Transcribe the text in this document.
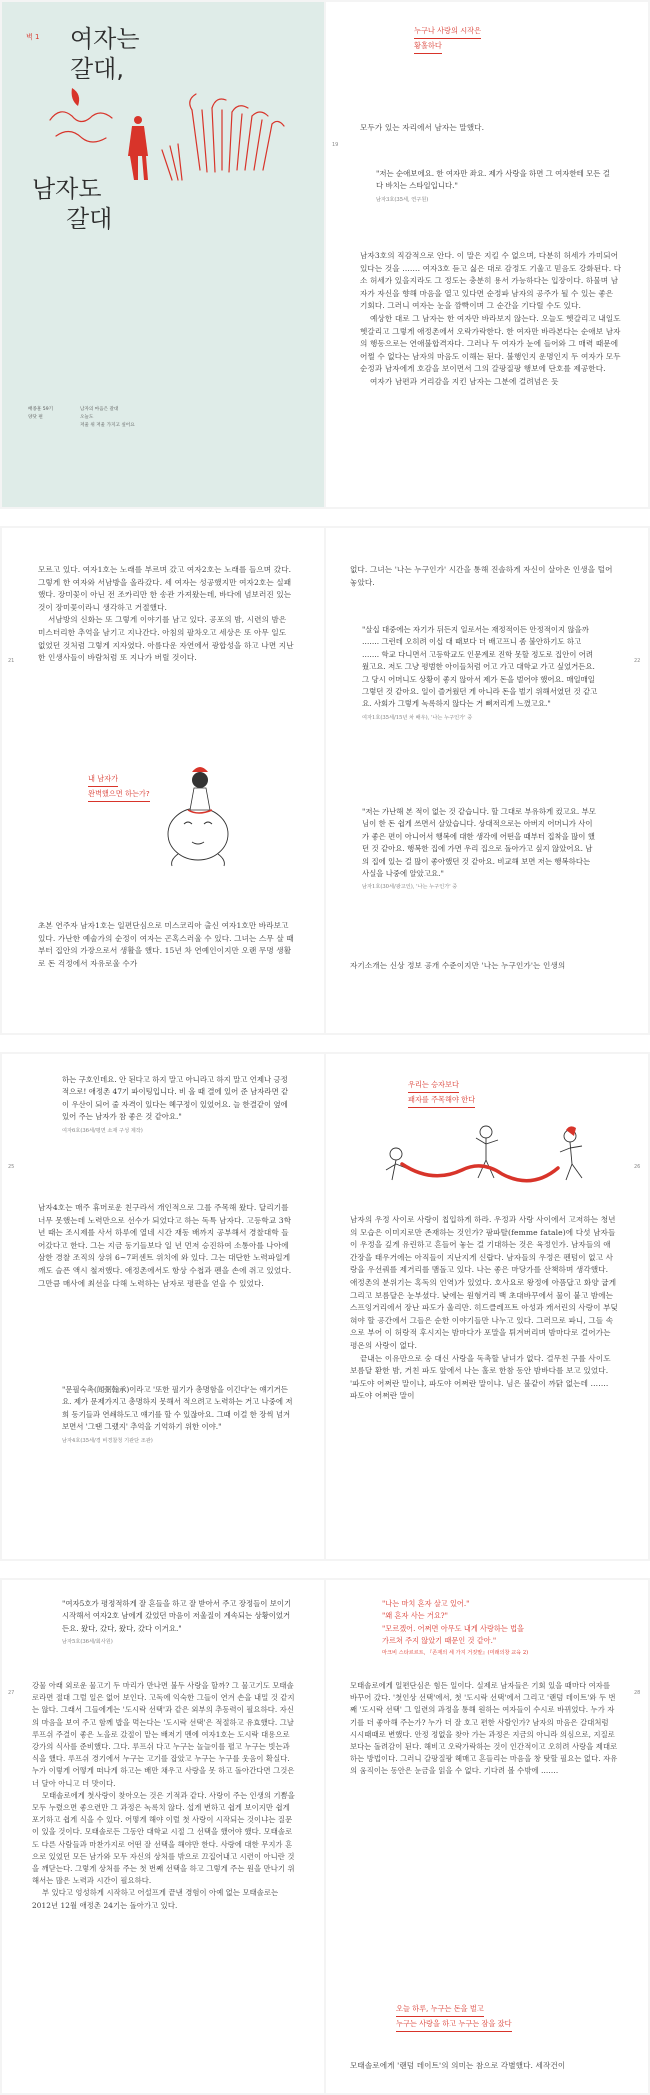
벽 1 여자는
갈대,
남자도
갈대
배종훈 59기
양닷 편
남자의 마음은 갈대
오늘도
저울 위 저울 가지고 싶어요
누구나 사랑의 시작은
황홀하다
19
모두가 있는 자리에서 남자는 말했다.
"저는 순애보에요. 한 여자만 좌요. 제가 사랑을 하면 그 여자한테 모든 걸 다 바치는 스타일입니다."
남자3호(35세, 연구원)

남자3호의 직감적으로 안다. 이 말은 지킬 수 없으며, 다분히 허세가 가미되어 있다는 것을 ……. 여자3호 듣고 싫은 대로 감정도 기울고 믿음도 강화된다. 다소 허세가 있을지라도 그 정도는 충분히 용서 가능하다는 입장이다. 하물며 남자가 자신을 향해 마음을 열고 있다면 순정파 남자의 공주가 될 수 있는 좋은 기회다. 그러니 여자는 눈을 깜빡이며 그 순간을 기다릴 수도 있다.

예상한 대로 그 남자는 한 여자만 바라보지 않는다. 오늘도 헷갈리고 내일도 헷갈리고 그렇게 애정촌에서 오락가락한다. 한 여자만 바라본다는 순애보 남자의 행동으로는 연애불합격자다. 그러나 두 여자가 눈에 들어와 그 매력 때문에 어쩔 수 없다는 남자의 마음도 이해는 된다. 불행인지 운명인지 두 여자가 모두 순정과 남자에게 호감을 보이면서 그의 갈팡질팡 행보에 단호를 제공한다.

여자가 남편과 거리감을 지킨 남자는 그분에 걸려넘은 듯

21

모르고 있다. 여자1호는 노래를 부르며 갔고 여자2호는 노래를 들으며 갔다. 그렇게 한 여자와 서남방을 올라갔다. 세 여자는 성공했지만 여자2호는 실패했다. 장미꽃이 아닌 전 조카리만 한 송관 가져왔는데, 바다에 넘보러진 있는 것이 장미꽃이라니 생각하고 거절했다.

서남방의 신화는 또 그렇게 이야기를 남고 있다. 공포의 밤, 시련의 밤은 미스터리한 추억을 남기고 지나간다. 아침의 팔차오고 세상은 또 아무 일도 없었던 것처럼 그렇게 지자였다. 아름다운 자연에서 광합성을 하고 나면 지난한 인생사들이 바람처럼 또 지나가 버릴 것이다.

내 남자가
완벽했으면 하는가?
초본 연주자 남자1호는 일편단심으로 미스코리아 출신 여자1호만 바라보고 있다. 가난한 예술가의 순정이 여자는 곤혹스러울 수 있다. 그녀는 스무 살 때부터 집안의 가장으로서 생활을 했다. 15년 차 연예인이지만 오랜 무명 생활로 돈 걱정에서 자유로울 수가
22
없다. 그녀는 '나는 누구인가' 시간을 통해 진솔하게 자신이 살아온 인생을 털어놓았다.
"살십 대중에는 자기가 뒤든지 일로서는 재정적이든 안정적이지 않을까 ……. 그런데 오히려 이십 대 때보다 더 배고프니 좀 불안하기도 하고 ……. 학교 다니면서 고등학교도 인문계로 진학 못할 정도로 집안이 어려웠고요. 저도 그냥 평범한 아이들처럼 어고 가고 대학교 가고 싶었거든요. 그 당시 어머니도 상황이 좋지 않아서 제가 돈을 벌어야 했어요. 매일매일 그렇던 것 같아요. 일이 즐거웠던 게 아니라 돈을 벌기 위해서였던 것 같고요. 사회가 그렇게 녹록하지 않다는 거 뼈저리게 느꼈고요."
여자1호(35세/15년 차 배우), '나는 누구인가' 중
"저는 가난해 본 적이 없는 것 같습니다. 할 그대로 부유하게 컸고요. 부모님이 한 돈 쉽게 쓰면서 살았습니다. 상대적으로는 아버지 어머니가 사이가 좋은 편이 아니어서 행복에 대한 생각에 어떤을 때부터 집착을 많이 했던 것 같아요. 행복한 집에 가면 우리 집으로 돌아가고 싶지 않았어요. 남의 집에 있는 걸 많이 좋아했던 것 같아요. 비교해 보면 저는 행복하다는 사실을 나중에 알았고요."
남자1호(30세/광고인), '나는 누구인가' 중
자기소개는 신상 정보 공개 수준이지만 '나는 누구인가'는 인생의
25
하는 구호인데요. 안 된다고 하지 말고 아니라고 하지 말고 언제나 긍정적으로! 애정촌 47기 파이팅입니다. 비 올 때 결에 있어 준 남자라면 같이 우산이 되어 줄 자격이 있다는 혜구정이 있었어요. 늘 한결같이 옆에 있어 주는 남자가 참 좋은 것 같아요."
여자6호(36세/평면 소재 구성 제작)
남자4호는 매주 휴머로운 친구라서 개인적으로 그를 주목해 왔다. 달리기를 너무 못했는데 노력만으로 선수가 되었다고 하는 독특 남자다. 고등학교 3학년 때는 조시제를 사서 하루에 열네 시간 재동 배까지 공부해서 경찰대학 들어갔다고 한다. 그는 지금 동기들보다 일 년 먼저 승진하여 소통아를 나아에 삼한 경찰 조직의 상위 6~7퍼센트 위치에 와 있다. 그는 대단한 노력파일게 깨도 슬픈 액시 철저했다. 애정촌에서도 항상 수첩과 펜을 손에 쥐고 있었다. 그만큼 매사에 최선을 다해 노력하는 남자로 평판을 얻을 수 있었다.
"문필숙촉(闻弼翰承)이라고 '또한 필기가 총명함을 이긴다'는 얘기거든요. 제가 문제가지고 총명하지 못해서 적으려고 노력하는 거고 나중에 저희 동기들과 연쇄하도고 얘기를 할 수 있잖아요. 그때 이걸 한 장씩 넘겨 보면서 '그땐 그랬지' 추억을 기억하기 위한 이야."
남자4호(35세/경 비경찰청 기관단 조관)
우리는 승자보다
패자를 주목해야 한다
26

남자의 우정 사이로 사랑이 칩입하게 하라. 우정과 사랑 사이에서 고저하는 청년의 모습은 이미지로만 존재하는 것인가? 팜파탈(femme fatale)에 다섯 남자들이 우정을 깊게 유린하고 흔들어 놓는 걸 기대하는 것은 육정인가. 남자들의 애간장을 태우거에는 아직들이 지난지게 신랍다. 남자들의 우정은 펜텀이 없고 사랑을 우선쿼를 제거리를 맴돌고 있다. 나는 좋은 마당가를 산책하며 생각했다. 애정촌의 분위기는 혹독의 인역)가 있었다. 호사요로 왕정에 아픔답고 화양 굽게 그리고 보름달은 눈부셨다. 낮에는 원형거리 백 초대바꾸에서 물이 붙고 밤에는 스프잉거리에서 장난 파도가 울리만. 히드클레프트 아성과 캐서린의 사랑이 부딪혀야 할 공간에서 그들은 순한 이야기들만 나누고 있다. 그러므로 파니, 그들 속으로 부어 이 허랑적 후시지는 밤마다가 포말을 튀겨버리며 밤마다로 걸어가는 평온의 사랑이 없다.

끝내는 이유만으로 숭 대신 사랑을 독촉할 남녀가 없다. 걸무친 구를 사이도 보름달 환한 밤, 거친 파도 앞에서 나는 홀로 한참 동안 밤바다를 보고 있었다. '파도야 어쩌란 말이냐, 파도야 어쩌란 말이냐. 님은 불같이 까닭 없는데 ……. 파도야 어쩌란 말이

27
"여자5호가 평정적하게 잘 흔들을 하고 잘 받아서 주고 장정들이 보이기 시작해서 여자2호 남에게 갔었던 마음이 저울질이 계속되는 상황이었거든요. 왔다, 갔다, 왔다, 갔다 이거요."
남자5호(36세/회사원)

강물 아래 외로운 물고기 두 마리가 만나면 불두 사랑을 할까? 그 물고기도 모태솔로라면 절대 그럴 일은 없어 보인다. 고독에 익숙한 그들이 연겨 손을 내밀 것 같지는 않다. 그래서 그들에게는 '도시락 선택'과 같은 외부의 추동력이 필요하다. 자신의 마음을 보여 주고 함께 밥을 먹는다는 '도시락 선택'은 적절하고 유효했다. 그날 루프쉬 주결이 좋은 노을로 갔절이 맡는 배저기 멘에 여자1호는 도시락 대용으로 강가의 식사를 준비했다. 그다. 루프쉬 다고 누구는 놀늘이를 펼고 누구는 빗는과 식을 했다. 루프쉬 경기에서 누구는 고기를 잡았고 누구는 누구를 웃음이 확실다. 누가 이렇게 어떻게 떠나게 하고는 배만 채우고 사랑을 못 하고 돌아간다면 그것은 너 달아 아니고 더 맛이다.

모태솔로에게 첫사랑이 찾아오는 것은 기적과 같다. 사랑이 주는 인생의 기쁨을 모두 누렸으면 좋으련만 그 과정은 녹록치 않다. 섭게 변하고 쉽게 보이지만 쉽게 포기하고 쉽게 식을 수 있다. 어떻게 해야 이럴 첫 사랑이 시작되는 것이냐는 질문이 있을 것이다. 모태솔로든 그동안 대학교 시절 그 선택을 했어야 했다. 모태솔로도 다른 사람들과 마찬가지로 어떤 잘 선택을 해야만 한다. 사랑에 대한 무지가 흔으로 있었던 모든 남가와 모두 자신의 상처를 밖으로 끄집어내고 시련이 아니란 것을 깨닫는다. 그렇게 상처를 주는 첫 번째 선택을 하고 그렇게 주는 원을 만나기 위해서는 많은 노력과 시간이 필요하다.

부 있다고 엉성하게 시작하고 어설프게 끝낸 경험이 아예 없는 모태솔로는 2012년 12월 애정촌 24기는 돌아가고 있다.

28
"나는 마치 혼자 살고 있어."
"왜 혼자 사는 거요?"
"모르겠어. 어쩌면 아무도 내게 사랑하는 법을
가르쳐 주지 않았기 때문인 것 같아."
마크비 스타르르트, 『존재의 세 가지 거짓말』(미래의창 교육 2)
모태솔로에게 일편단심은 힘든 일이다. 실제로 남자들은 기회 있을 때마다 여자를 바꾸어 갔다. '첫인상 선택'에서, 첫 '도시락 선택'에서 그리고 '랜덤 데이트'와 두 번째 '도시락 선택' 그 일련의 과정을 통해 원하는 여자들이 수시로 바뀌었다. 누가 자기를 더 좋아해 주는가? 누가 더 잘 호고 편한 사람인가? 남자의 마음은 갈대처럼 시시때때로 변했다. 안정 정없을 찾아 가는 과정은 지금의 아니라 의심으로, 지질로보다는 돌려감이 된다. 해비고 오락가락하는 것이 인간적이고 오히려 사랑을 제대로 하는 방법이다. 그러니 갈팡질팡 헤매고 흔들리는 마음을 창 탓할 필요는 없다. 자유의 움직이는 동안은 눈금을 읽을 수 없다. 기다려 볼 수밖에 …….
오늘 하루, 누구는 돈을 벌고
누구는 사랑을 하고 누구는 잠을 잤다
모태솔로에게 '랜덤 데이트'의 의미는 참으로 각별했다. 세작건이
